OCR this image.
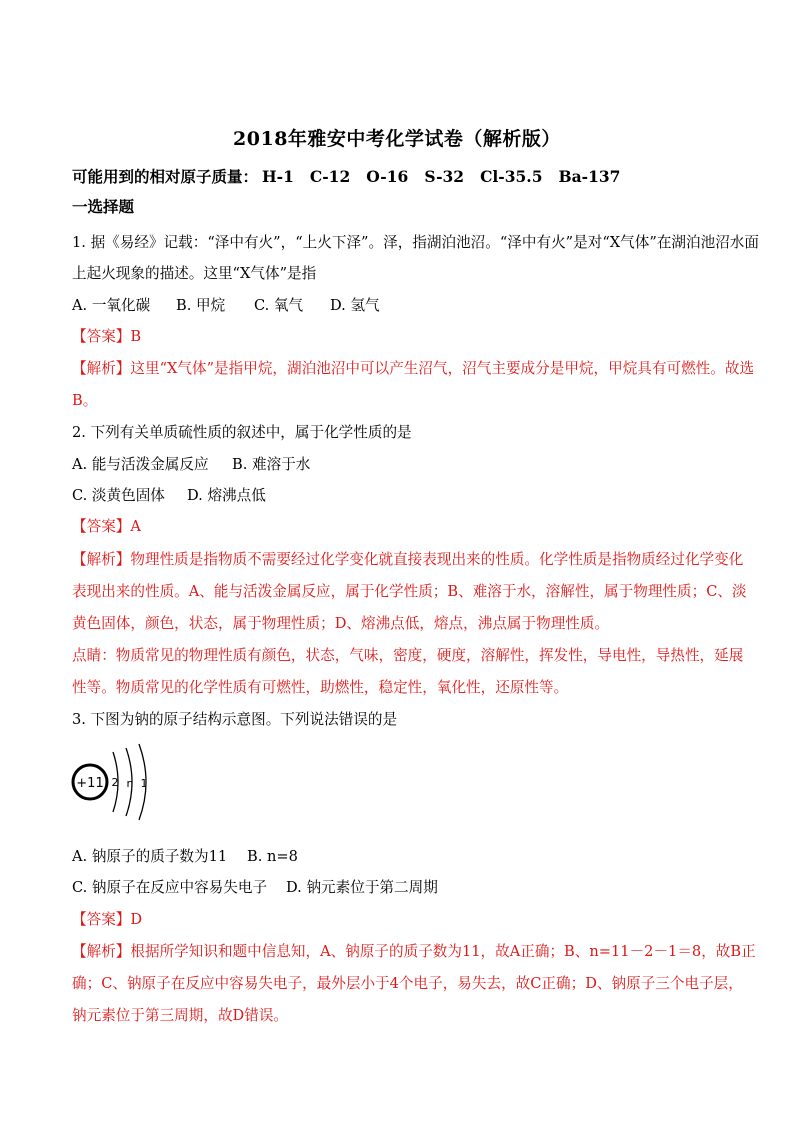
2018年雅安中考化学试卷（解析版）
可能用到的相对原子质量： H-1 C-12 O-16 S-32 Cl-35.5 Ba-137
一选择题
1. 据《易经》记载：“泽中有火”，“上火下泽”。泽，指湖泊池沼。“泽中有火”是对“X气体”在湖泊池沼水面
上起火现象的描述。这里“X气体”是指
A. 一氧化碳 B. 甲烷 C. 氧气 D. 氢气
【答案】B
【解析】这里“X气体”是指甲烷，湖泊池沼中可以产生沼气，沼气主要成分是甲烷，甲烷具有可燃性。故选
B。
2. 下列有关单质硫性质的叙述中，属于化学性质的是
A. 能与活泼金属反应 B. 难溶于水
C. 淡黄色固体 D. 熔沸点低
【答案】A
【解析】物理性质是指物质不需要经过化学变化就直接表现出来的性质。化学性质是指物质经过化学变化
表现出来的性质。A、能与活泼金属反应，属于化学性质；B、难溶于水，溶解性，属于物理性质；C、淡
黄色固体，颜色，状态，属于物理性质；D、熔沸点低，熔点，沸点属于物理性质。
点睛：物质常见的物理性质有颜色，状态，气味，密度，硬度，溶解性，挥发性，导电性，导热性，延展
性等。物质常见的化学性质有可燃性，助燃性，稳定性，氧化性，还原性等。
3. 下图为钠的原子结构示意图。下列说法错误的是
+11 2 n 1
A. 钠原子的质子数为11 B. n=8
C. 钠原子在反应中容易失电子 D. 钠元素位于第二周期
【答案】D
【解析】根据所学知识和题中信息知，A、钠原子的质子数为11，故A正确；B、n=11－2－1＝8，故B正
确；C、钠原子在反应中容易失电子，最外层小于4个电子，易失去，故C正确；D、钠原子三个电子层，
钠元素位于第三周期，故D错误。
